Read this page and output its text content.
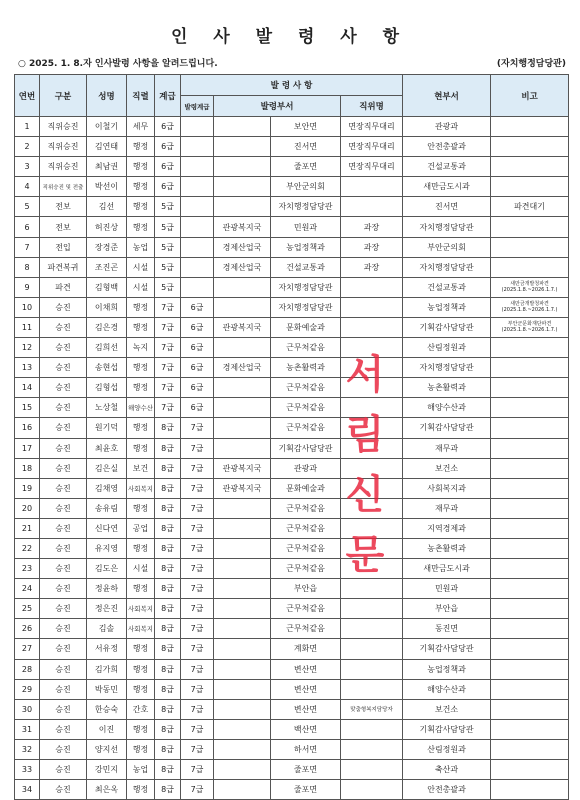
인 사 발 령 사 항
○ 2025. 1. 8.자 인사발령 사항을 알려드립니다.	(자치행정담당관)
연번	구분	성명	직렬	계급	발 령 사 항				현부서	비고
					발령계급	발령부서		직위명		
1	직위승진	이철기	세무	6급			보안면	면장직무대리	관광과	
2	직위승진	김연태	행정	6급			진서면	면장직무대리	안전총괄과	
3	직위승진	최남권	행정	6급			줄포면	면장직무대리	건설교통과	
4	직위승진 및 전출	박선이	행정	6급			부안군의회		새만금도시과	
5	전보	김선	행정	5급			자치행정담당관		진서면	파견대기
6	전보	허진상	행정	5급		관광복지국	민원과	과장	자치행정담당관	
7	전입	장경준	농업	5급		경제산업국	농업정책과	과장	부안군의회	
8	파견복귀	조진곤	시설	5급		경제산업국	건설교통과	과장	자치행정담당관	
9	파견	김형백	시설	5급			자치행정담당관		건설교통과	새만금개발청파견
(2025.1.8.~2026.1.7.)
10	승진	이채희	행정	7급	6급		자치행정담당관		농업정책과	새만금개발청파견
(2025.1.8.~2026.1.7.)
11	승진	김은경	행정	7급	6급	관광복지국	문화예술과		기획감사담당관	부안군문화재단파견
(2025.1.8.~2026.1.7.)
12	승진	김희선	녹지	7급	6급		근무처같음		산림정원과	
13	승진	송현섭	행정	7급	6급	경제산업국	농촌활력과		자치행정담당관	
14	승진	김형섭	행정	7급	6급		근무처같음		농촌활력과	
15	승진	노상철	해양수산	7급	6급		근무처같음		해양수산과	
16	승진	원기덕	행정	8급	7급		근무처같음		기획감사담당관	
17	승진	최윤호	행정	8급	7급		기획감사담당관		재무과	
18	승진	김은실	보건	8급	7급	관광복지국	관광과		보건소	
19	승진	김채영	사회복지	8급	7급	관광복지국	문화예술과		사회복지과	
20	승진	송유림	행정	8급	7급		근무처같음		재무과	
21	승진	신다연	공업	8급	7급		근무처같음		지역경제과	
22	승진	유지영	행정	8급	7급		근무처같음		농촌활력과	
23	승진	김도은	시설	8급	7급		근무처같음		새만금도시과	
24	승진	정윤하	행정	8급	7급		부안읍		민원과	
25	승진	정은진	사회복지	8급	7급		근무처같음		부안읍	
26	승진	김솔	사회복지	8급	7급		근무처같음		동진면	
27	승진	서유정	행정	8급	7급		계화면		기획감사담당관	
28	승진	김가희	행정	8급	7급		변산면		농업정책과	
29	승진	박동민	행정	8급	7급		변산면		해양수산과	
30	승진	한승숙	간호	8급	7급		변산면	맞춤형복지담당자	보건소	
31	승진	이진	행정	8급	7급		백산면		기획감사담당관	
32	승진	양지선	행정	8급	7급		하서면		산림정원과	
33	승진	강민지	농업	8급	7급		줄포면		축산과	
34	승진	최은옥	행정	8급	7급		줄포면		안전총괄과	
서
림
신
문
